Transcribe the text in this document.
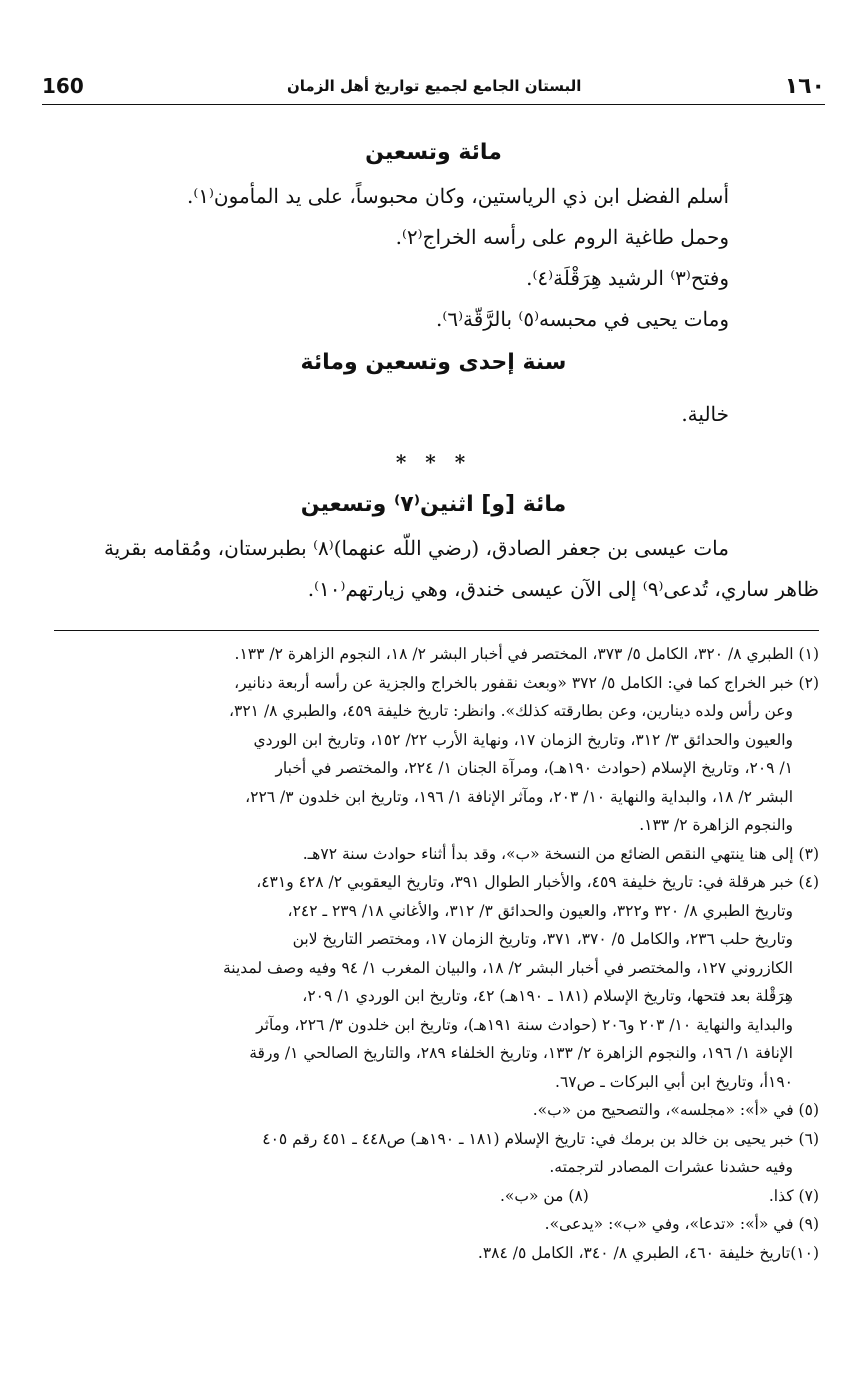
160	البستان الجامع لجميع تواريخ أهل الزمان	١٦٠
مائة وتسعين

أسلم الفضل ابن ذي الرياستين، وكان محبوساً، على يد المأمون⁽١⁾.

وحمل طاغية الروم على رأسه الخراج⁽٢⁾.

وفتح⁽٣⁾ الرشيد هِرَقْلَة⁽٤⁾.

ومات يحيى في محبسه⁽٥⁾ بالرَّقّة⁽٦⁾.

سنة إحدى وتسعين ومائة

خالية.

* * *
مائة [و] اثنين⁽٧⁾ وتسعين

مات عيسى بن جعفر الصادق، (رضي اللّه عنهما)⁽٨⁾ بطبرستان، ومُقامه بقرية

ظاهر ساري، تُدعى⁽٩⁾ إلى الآن عيسى خندق، وهي زيارتهم⁽١٠⁾.

(١) الطبري ٨/ ٣٢٠، الكامل ٥/ ٣٧٣، المختصر في أخبار البشر ٢/ ١٨، النجوم الزاهرة ٢/ ١٣٣.

(٢) خبر الخراج كما في: الكامل ٥/ ٣٧٢ «وبعث نقفور بالخراج والجزية عن رأسه أربعة دنانير،

وعن رأس ولده دينارين، وعن بطارقته كذلك». وانظر: تاريخ خليفة ٤٥٩، والطبري ٨/ ٣٢١،

والعيون والحدائق ٣/ ٣١٢، وتاريخ الزمان ١٧، ونهاية الأرب ٢٢/ ١٥٢، وتاريخ ابن الوردي

١/ ٢٠٩، وتاريخ الإسلام (حوادث ١٩٠هـ)، ومرآة الجنان ١/ ٢٢٤، والمختصر في أخبار

البشر ٢/ ١٨، والبداية والنهاية ١٠/ ٢٠٣، ومآثر الإنافة ١/ ١٩٦، وتاريخ ابن خلدون ٣/ ٢٢٦،

والنجوم الزاهرة ٢/ ١٣٣.

(٣) إلى هنا ينتهي النقص الضائع من النسخة «ب»، وقد بدأ أثناء حوادث سنة ٧٢هـ.

(٤) خبر هرقلة في: تاريخ خليفة ٤٥٩، والأخبار الطوال ٣٩١، وتاريخ اليعقوبي ٢/ ٤٢٨ و٤٣١،

وتاريخ الطبري ٨/ ٣٢٠ و٣٢٢، والعيون والحدائق ٣/ ٣١٢، والأغاني ١٨/ ٢٣٩ ـ ٢٤٢،

وتاريخ حلب ٢٣٦، والكامل ٥/ ٣٧٠، ٣٧١، وتاريخ الزمان ١٧، ومختصر التاريخ لابن

الكازروني ١٢٧، والمختصر في أخبار البشر ٢/ ١٨، والبيان المغرب ١/ ٩٤ وفيه وصف لمدينة

هِرَقْلة بعد فتحها، وتاريخ الإسلام (١٨١ ـ ١٩٠هـ) ٤٢، وتاريخ ابن الوردي ١/ ٢٠٩،

والبداية والنهاية ١٠/ ٢٠٣ و٢٠٦ (حوادث سنة ١٩١هـ)، وتاريخ ابن خلدون ٣/ ٢٢٦، ومآثر

الإنافة ١/ ١٩٦، والنجوم الزاهرة ٢/ ١٣٣، وتاريخ الخلفاء ٢٨٩، والتاريخ الصالحي ١/ ورقة

١٩٠أ، وتاريخ ابن أبي البركات ـ ص٦٧.

(٥) في «أ»: «مجلسه»، والتصحيح من «ب».

(٦) خبر يحيى بن خالد بن برمك في: تاريخ الإسلام (١٨١ ـ ١٩٠هـ) ص٤٤٨ ـ ٤٥١ رقم ٤٠٥

وفيه حشدنا عشرات المصادر لترجمته.

(٧) كذا.
(٨) من «ب».

(٩) في «أ»: «تدعا»، وفي «ب»: «يدعى».

(١٠)تاريخ خليفة ٤٦٠، الطبري ٨/ ٣٤٠، الكامل ٥/ ٣٨٤.
